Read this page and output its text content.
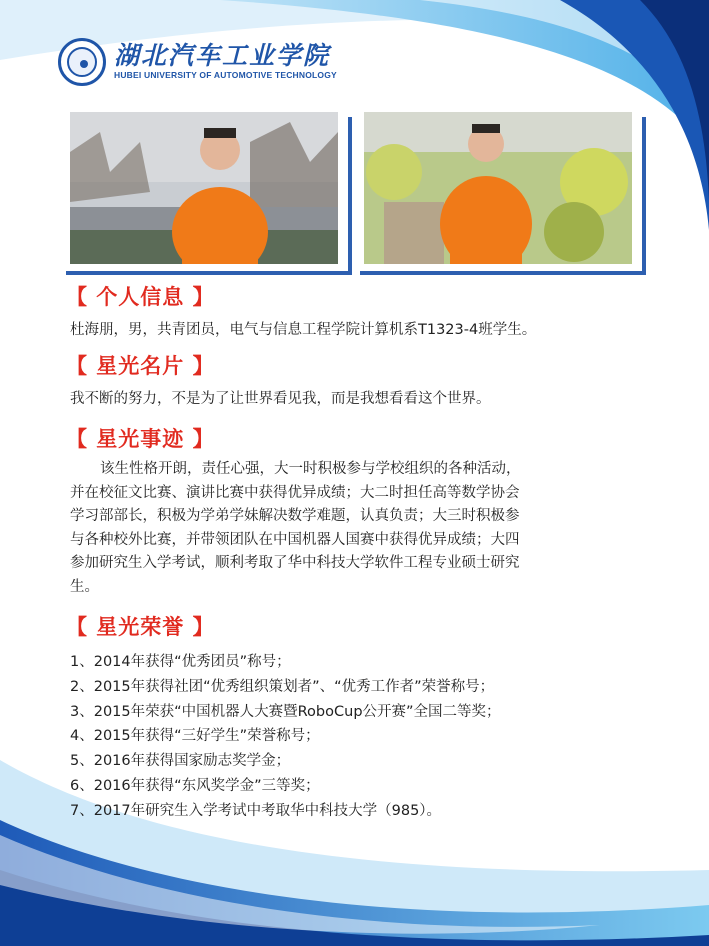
湖北汽车工业学院
HUBEI UNIVERSITY OF AUTOMOTIVE TECHNOLOGY
【 个人信息 】
杜海朋，男，共青团员，电气与信息工程学院计算机系T1323-4班学生。
【 星光名片 】
我不断的努力，不是为了让世界看见我，而是我想看看这个世界。
【 星光事迹 】

该生性格开朗，责任心强，大一时积极参与学校组织的各种活动，

并在校征文比赛、演讲比赛中获得优异成绩；大二时担任高等数学协会

学习部部长，积极为学弟学妹解决数学难题，认真负责；大三时积极参

与各种校外比赛，并带领团队在中国机器人国赛中获得优异成绩；大四

参加研究生入学考试，顺利考取了华中科技大学软件工程专业硕士研究

生。

【 星光荣誉 】
1、2014年获得“优秀团员”称号；
2、2015年获得社团“优秀组织策划者”、“优秀工作者”荣誉称号；
3、2015年荣获“中国机器人大赛暨RoboCup公开赛”全国二等奖；
4、2015年获得“三好学生”荣誉称号；
5、2016年获得国家励志奖学金；
6、2016年获得“东风奖学金”三等奖；
7、2017年研究生入学考试中考取华中科技大学（985）。
